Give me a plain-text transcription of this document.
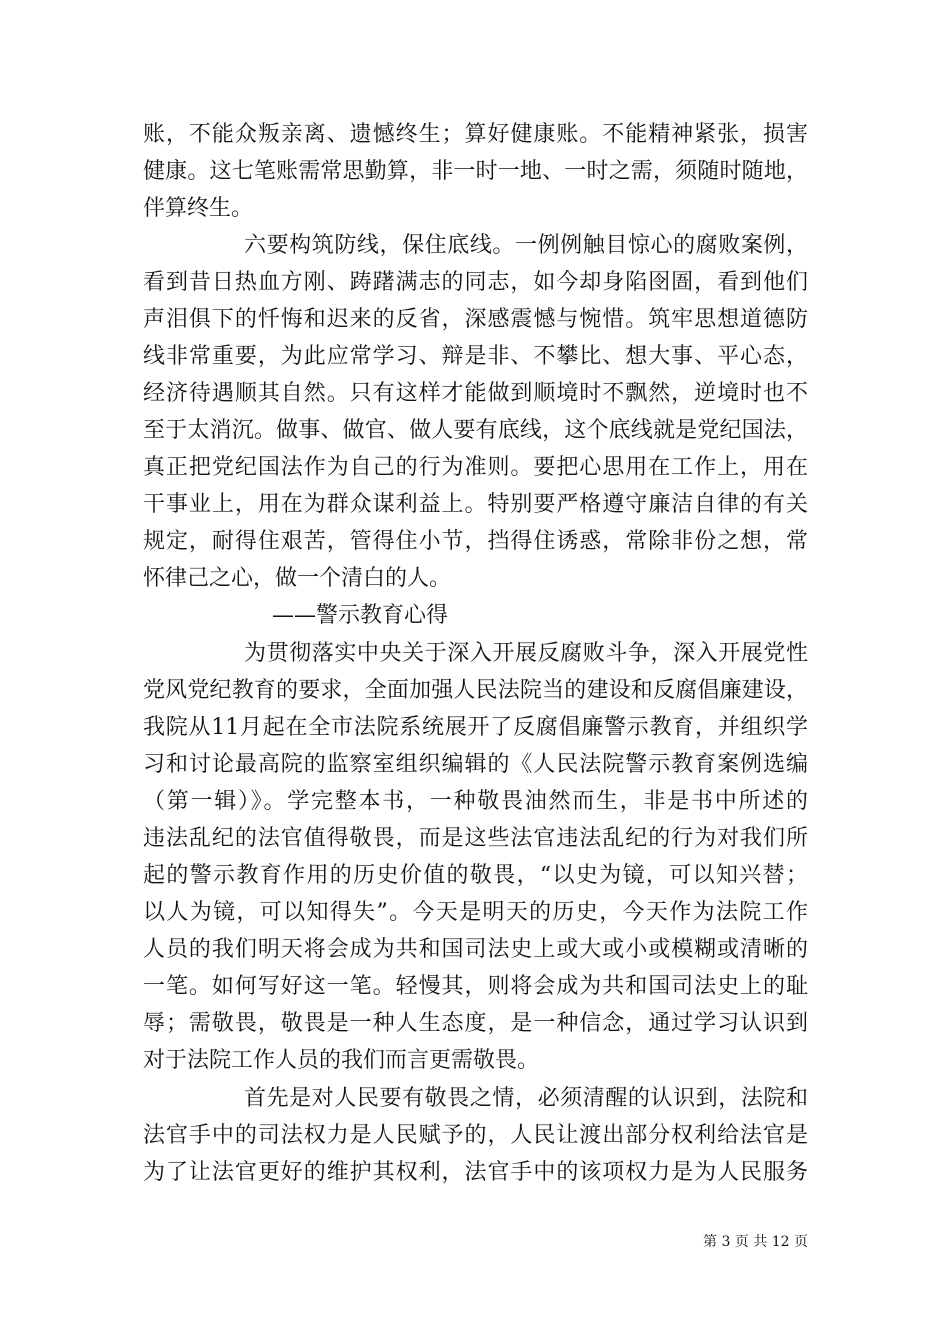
账，不能众叛亲离、遗憾终生；算好健康账。不能精神紧张，损害
健康。这七笔账需常思勤算，非一时一地、一时之需，须随时随地，
伴算终生。
六要构筑防线，保住底线。一例例触目惊心的腐败案例，
看到昔日热血方刚、踌躇满志的同志，如今却身陷囹圄，看到他们
声泪俱下的忏悔和迟来的反省，深感震憾与惋惜。筑牢思想道德防
线非常重要，为此应常学习、辩是非、不攀比、想大事、平心态，
经济待遇顺其自然。只有这样才能做到顺境时不飘然，逆境时也不
至于太消沉。做事、做官、做人要有底线，这个底线就是党纪国法，
真正把党纪国法作为自己的行为准则。要把心思用在工作上，用在
干事业上，用在为群众谋利益上。特别要严格遵守廉洁自律的有关
规定，耐得住艰苦，管得住小节，挡得住诱惑，常除非份之想，常
怀律己之心，做一个清白的人。
——警示教育心得
为贯彻落实中央关于深入开展反腐败斗争，深入开展党性
党风党纪教育的要求，全面加强人民法院当的建设和反腐倡廉建设，
我院从11月起在全市法院系统展开了反腐倡廉警示教育，并组织学
习和讨论最高院的监察室组织编辑的《人民法院警示教育案例选编
（第一辑）》。学完整本书，一种敬畏油然而生，非是书中所述的
违法乱纪的法官值得敬畏，而是这些法官违法乱纪的行为对我们所
起的警示教育作用的历史价值的敬畏，“以史为镜，可以知兴替；
以人为镜，可以知得失”。今天是明天的历史，今天作为法院工作
人员的我们明天将会成为共和国司法史上或大或小或模糊或清晰的
一笔。如何写好这一笔。轻慢其，则将会成为共和国司法史上的耻
辱；需敬畏，敬畏是一种人生态度，是一种信念，通过学习认识到
对于法院工作人员的我们而言更需敬畏。
首先是对人民要有敬畏之情，必须清醒的认识到，法院和
法官手中的司法权力是人民赋予的，人民让渡出部分权利给法官是
为了让法官更好的维护其权利，法官手中的该项权力是为人民服务
第 3 页 共 12 页
